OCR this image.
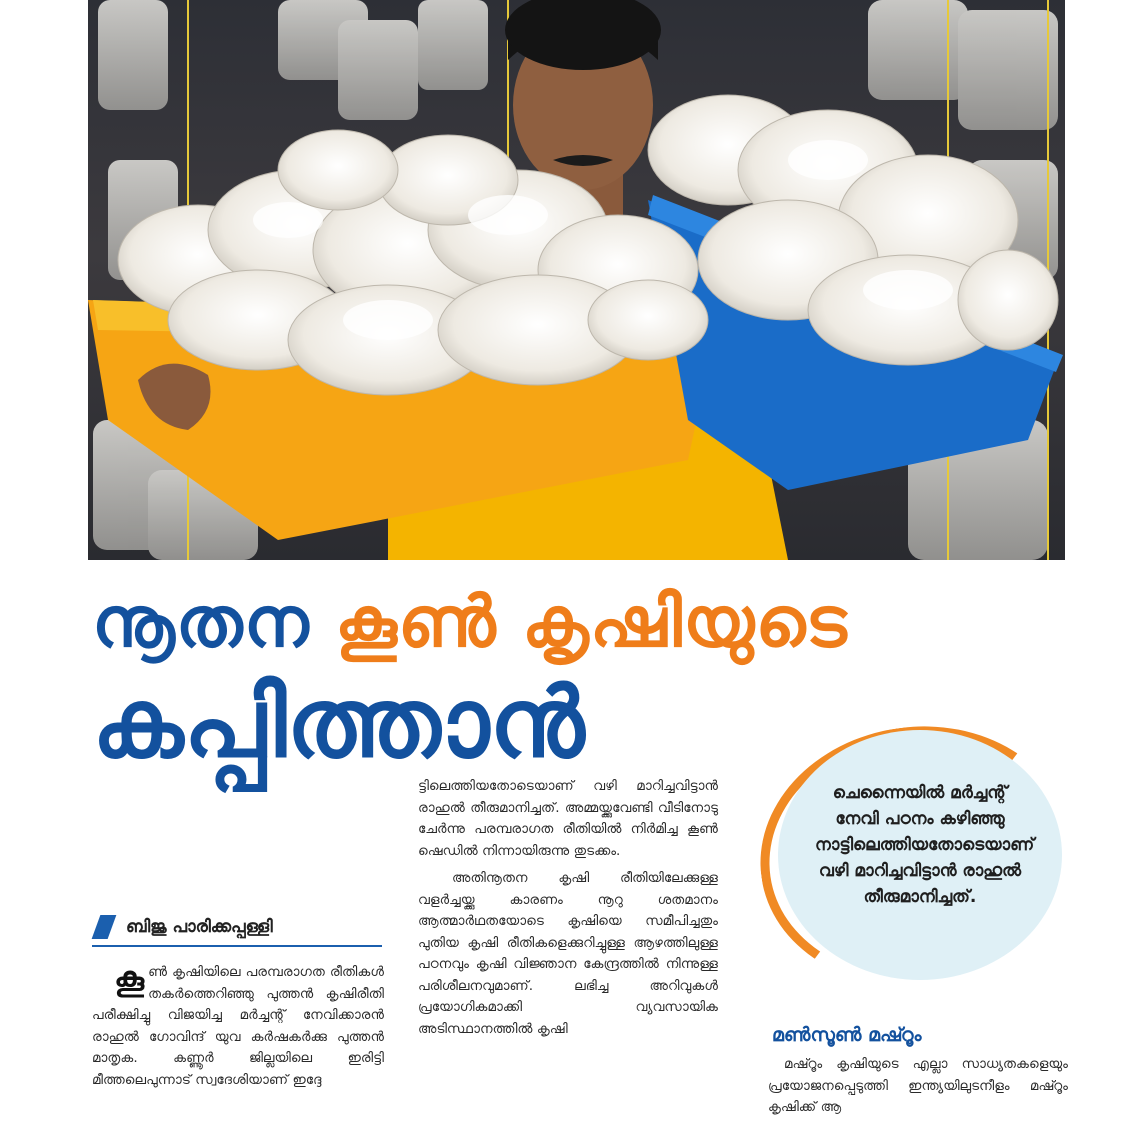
നൂതന കൂൺ കൃഷിയുടെ
കപ്പിത്താൻ
ബിജു പാരിക്കപ്പള്ളി

കൂൺ കൃഷിയിലെ പരമ്പരാഗത രീതികൾ തകർത്തെറിഞ്ഞു പുത്തൻ കൃഷിരീതി പരീക്ഷിച്ചു വിജയിച്ച മർച്ചന്റ് നേവിക്കാരൻ രാഹുൽ ഗോവിന്ദ് യുവ കർഷകർക്കു പുത്തൻ മാതൃക. കണ്ണൂർ ജില്ലയിലെ ഇരിട്ടി മീത്തലെപുന്നാട് സ്വദേശിയാണ് ഇദ്ദേ

ട്ടിലെത്തിയതോടെയാണ് വഴി മാറിച്ചവിട്ടാൻ രാഹുൽ തീരുമാനിച്ചത്. അമ്മയ്ക്കുവേണ്ടി വീടിനോടു ചേർന്നു പരമ്പരാഗത രീതിയിൽ നിർമിച്ച കൂൺ ഷെഡിൽ നിന്നായിരുന്നു തുടക്കം.

അതിനൂതന കൃഷി രീതിയിലേക്കുള്ള വളർച്ചയ്ക്കു കാരണം നൂറു ശതമാനം ആത്മാർഥതയോടെ കൃഷിയെ സമീപിച്ചതും പുതിയ കൃഷി രീതികളെക്കുറിച്ചുള്ള ആഴത്തിലുള്ള പഠനവും കൃഷി വിജ്ഞാന കേന്ദ്രത്തിൽ നിന്നുള്ള പരിശീലനവുമാണ്. ലഭിച്ച അറിവുകൾ പ്രയോഗികമാക്കി വ്യവസായിക അടിസ്ഥാനത്തിൽ കൃഷി

ചെന്നൈയിൽ മർച്ചന്റ് നേവി പഠനം കഴിഞ്ഞു നാട്ടിലെത്തിയതോടെയാണ് വഴി മാറിച്ചവിട്ടാൻ രാഹുൽ തീരുമാനിച്ചത്.
മൺസൂൺ മഷ്റൂം

മഷ്റൂം കൃഷിയുടെ എല്ലാ സാധ്യതകളെയും പ്രയോജനപ്പെടുത്തി ഇന്ത്യയിലുടനീളം മഷ്റൂം കൃഷിക്ക് ആ
